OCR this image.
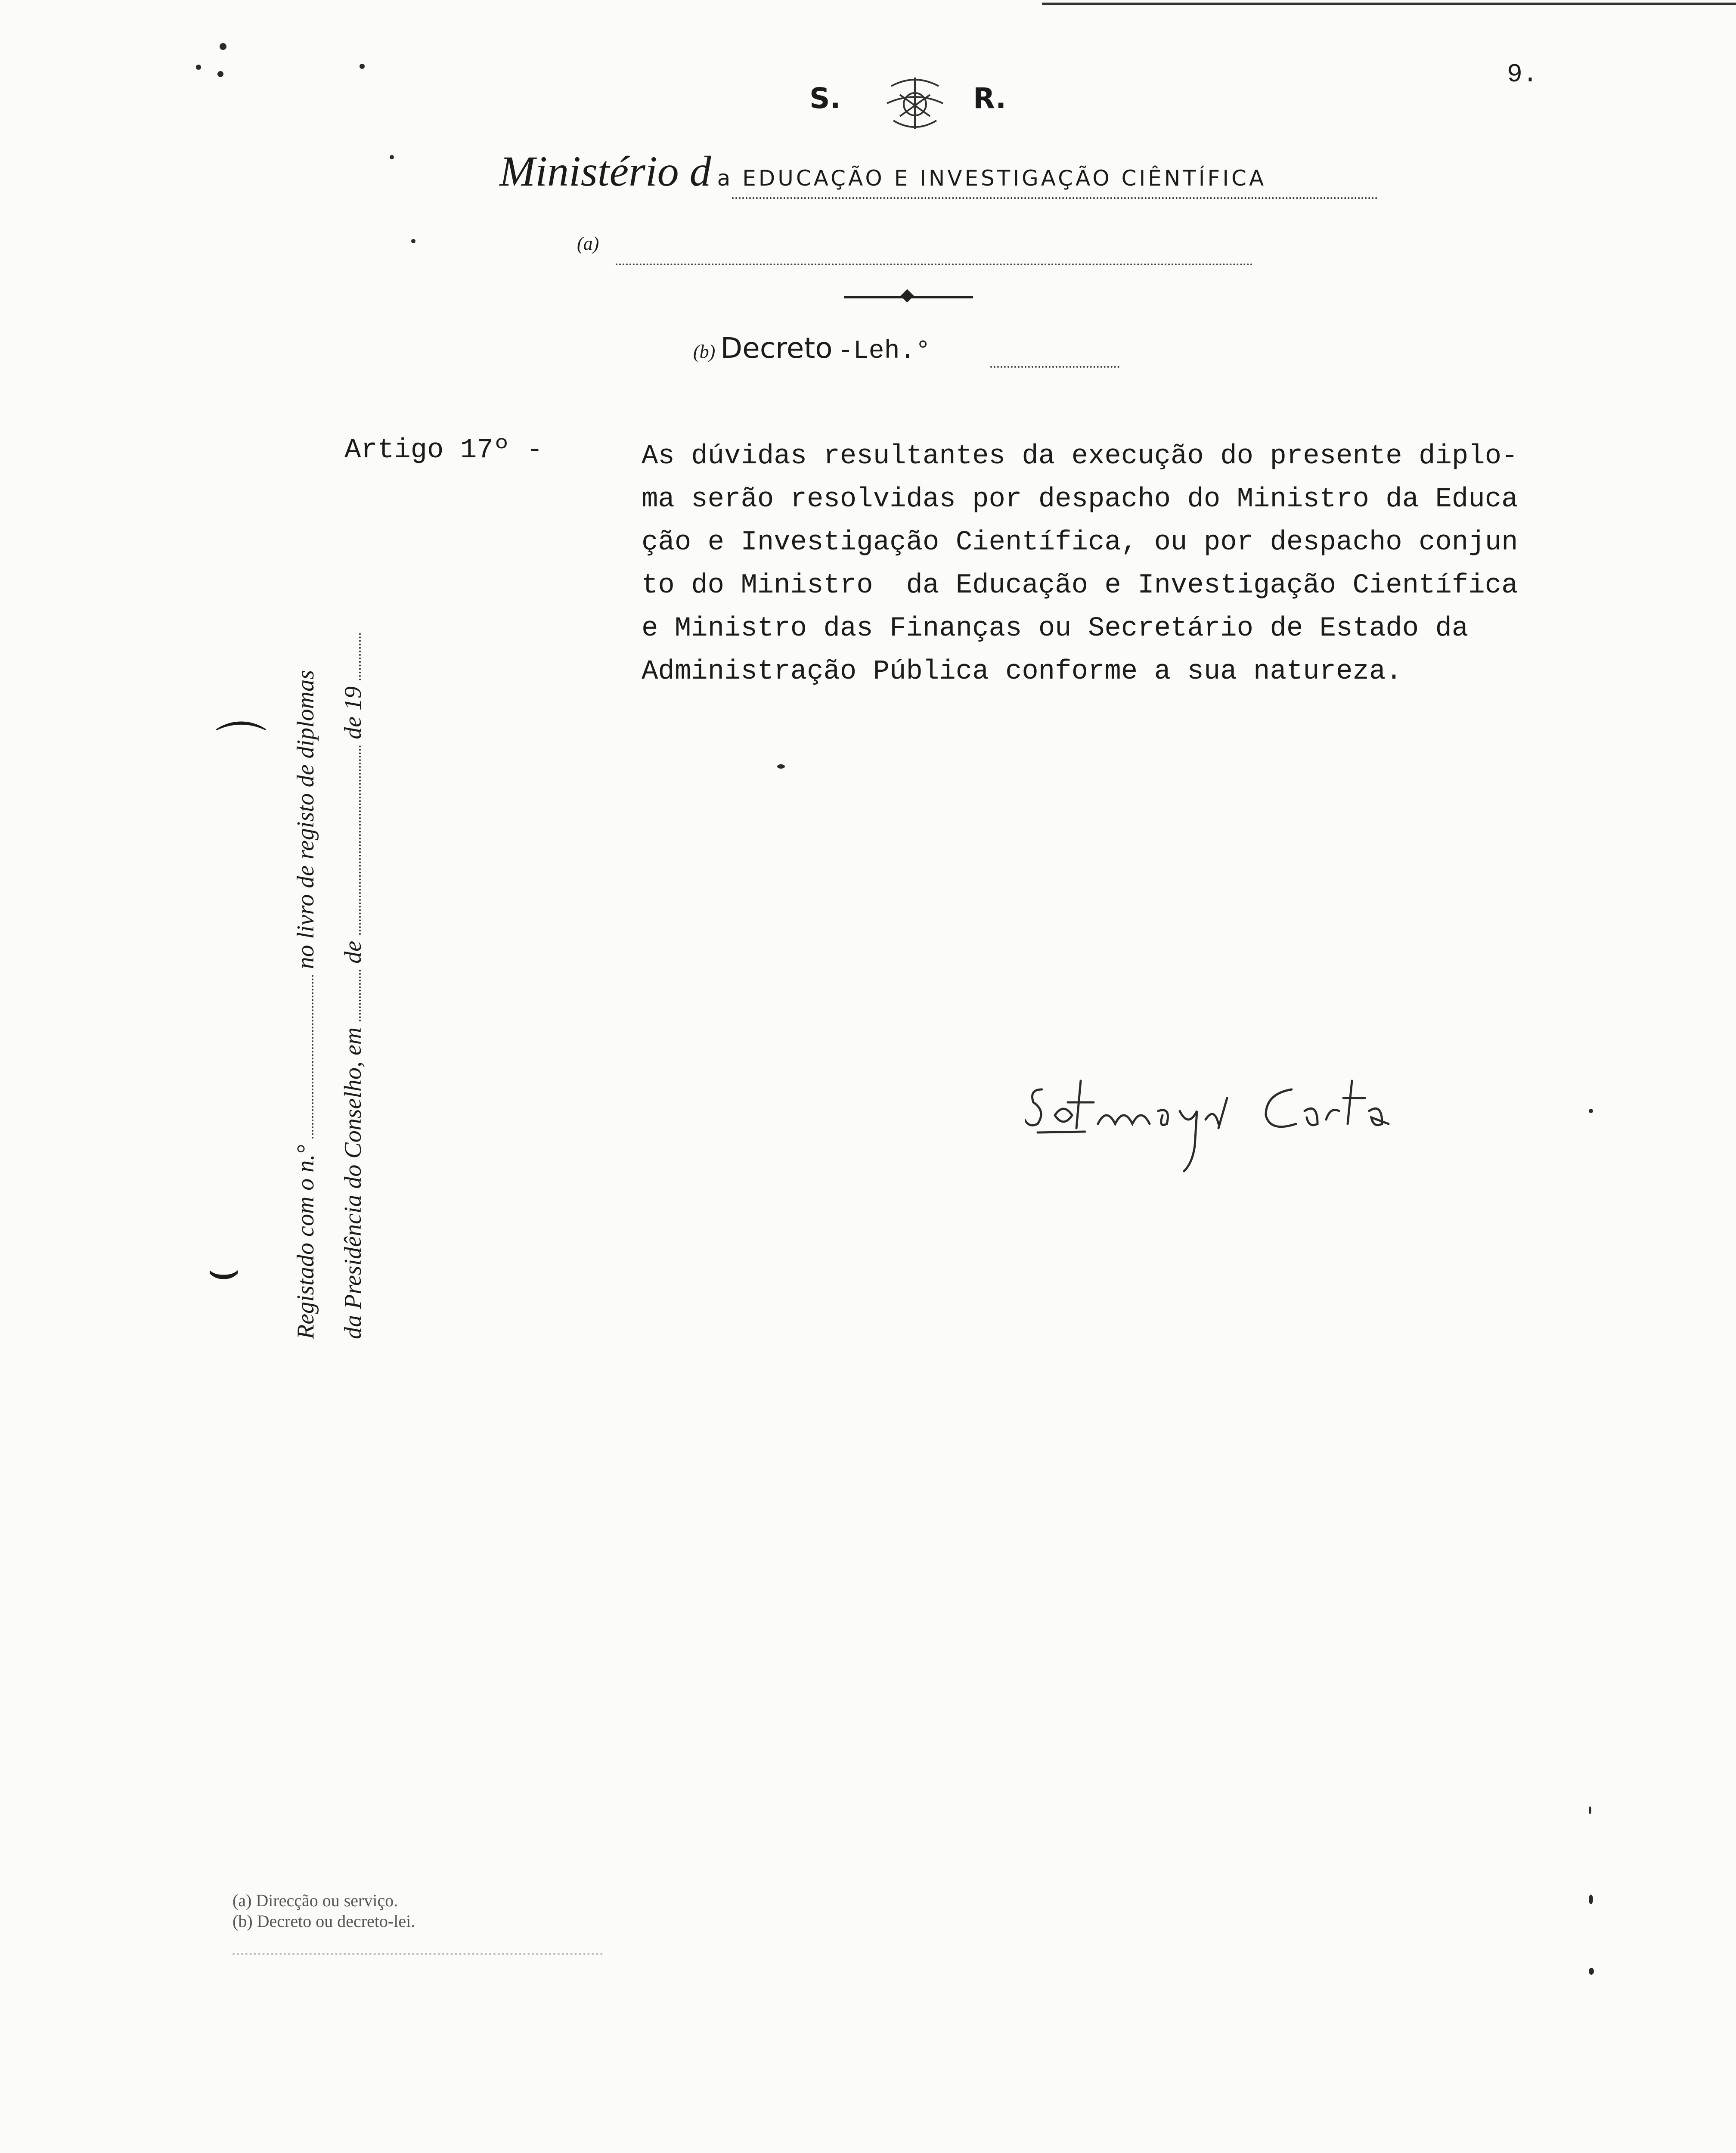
9.
S.	R.
Ministério d a EDUCAÇÃO E INVESTIGAÇÃO CIÊNTÍFICA
(a)
(b) Decreto -Leh.°
Artigo 17º -	As dúvidas resultantes da execução do presente diplo-
ma serão resolvidas por despacho do Ministro da Educa
ção e Investigação Científica, ou por despacho conjun
to do Ministro  da Educação e Investigação Científica
e Ministro das Finanças ou Secretário de Estado da
Administração Pública conforme a sua natureza.
Registado com o n.°  no livro de registo de diplomas
da Presidência do Conselho, em  de  de 19
⌒
⌣
(a) Direcção ou serviço.
(b) Decreto ou decreto-lei.
